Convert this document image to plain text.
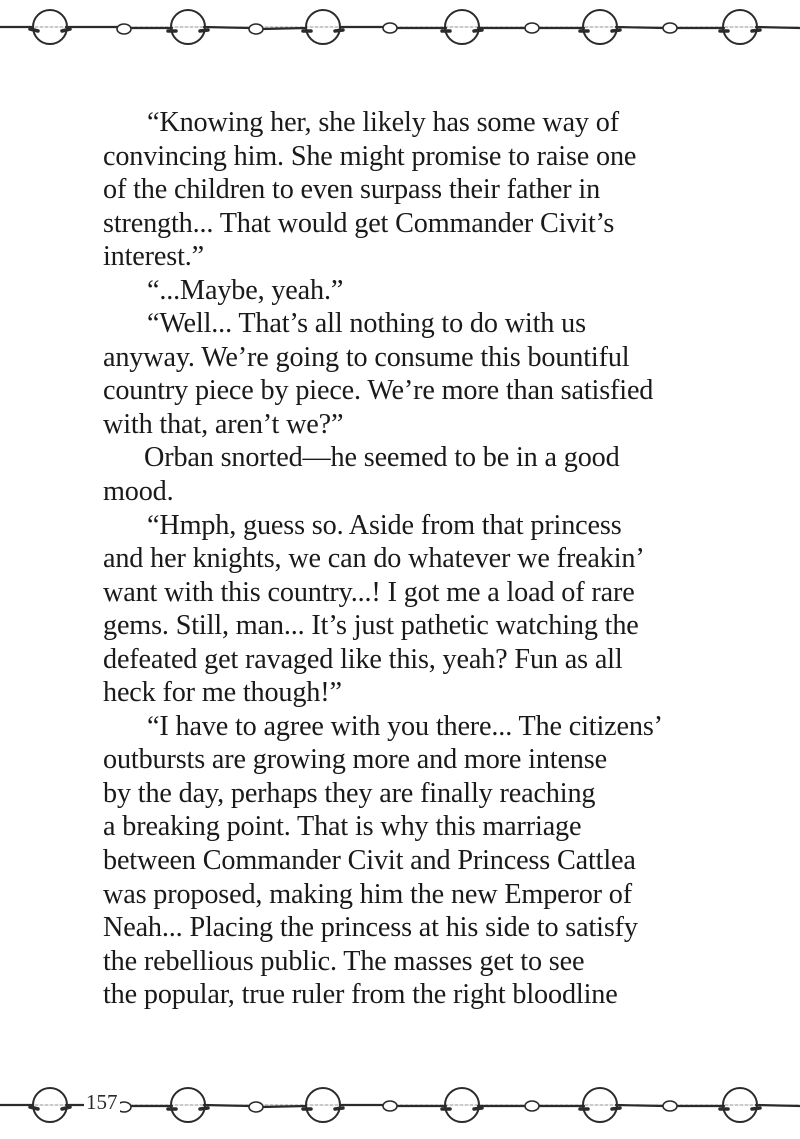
“Knowing her, she likely has some way of
convincing him. She might promise to raise one
of the children to even surpass their father in
strength... That would get Commander Civit’s
interest.”
“...Maybe, yeah.”
“Well... That’s all nothing to do with us
anyway. We’re going to consume this bountiful
country piece by piece. We’re more than satisfied
with that, aren’t we?”
Orban snorted—he seemed to be in a good
mood.
“Hmph, guess so. Aside from that princess
and her knights, we can do whatever we freakin’
want with this country...! I got me a load of rare
gems. Still, man... It’s just pathetic watching the
defeated get ravaged like this, yeah? Fun as all
heck for me though!”
“I have to agree with you there... The citizens’
outbursts are growing more and more intense
by the day, perhaps they are finally reaching
a breaking point. That is why this marriage
between Commander Civit and Princess Cattlea
was proposed, making him the new Emperor of
Neah... Placing the princess at his side to satisfy
the rebellious public. The masses get to see
the popular, true ruler from the right bloodline
157
